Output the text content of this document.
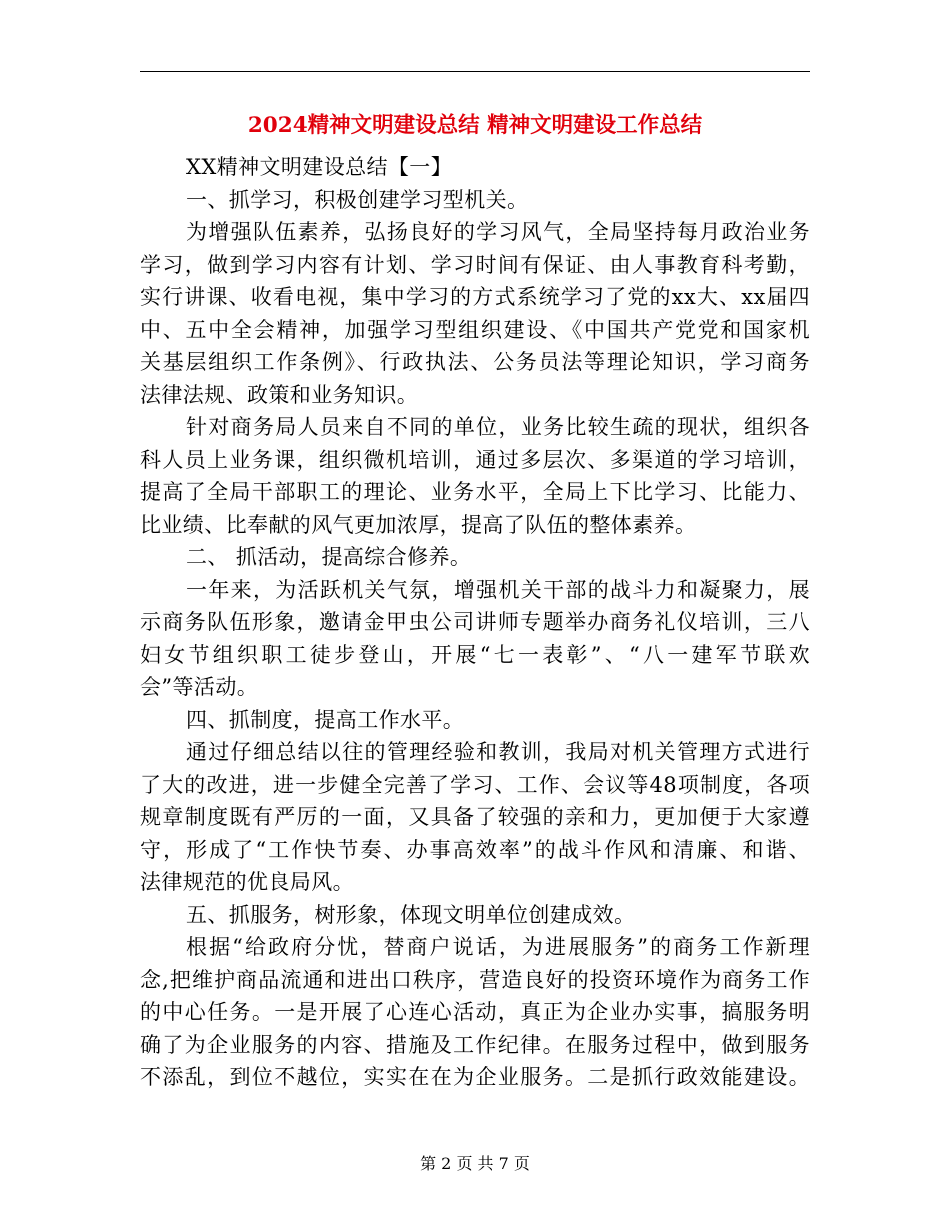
2024精神文明建设总结 精神文明建设工作总结
XX精神文明建设总结【一】
一、抓学习，积极创建学习型机关。
为增强队伍素养，弘扬良好的学习风气，全局坚持每月政治业务
学习，做到学习内容有计划、学习时间有保证、由人事教育科考勤，
实行讲课、收看电视，集中学习的方式系统学习了党的xx大、xx届四
中、五中全会精神，加强学习型组织建设、《中国共产党党和国家机
关基层组织工作条例》、行政执法、公务员法等理论知识，学习商务
法律法规、政策和业务知识。
针对商务局人员来自不同的单位，业务比较生疏的现状，组织各
科人员上业务课，组织微机培训，通过多层次、多渠道的学习培训，
提高了全局干部职工的理论、业务水平，全局上下比学习、比能力、
比业绩、比奉献的风气更加浓厚，提高了队伍的整体素养。
二、 抓活动，提高综合修养。
一年来，为活跃机关气氛，增强机关干部的战斗力和凝聚力，展
示商务队伍形象，邀请金甲虫公司讲师专题举办商务礼仪培训，三八
妇女节组织职工徒步登山，开展“七一表彰”、“八一建军节联欢
会”等活动。
四、抓制度，提高工作水平。
通过仔细总结以往的管理经验和教训，我局对机关管理方式进行
了大的改进，进一步健全完善了学习、工作、会议等48项制度，各项
规章制度既有严厉的一面，又具备了较强的亲和力，更加便于大家遵
守，形成了“工作快节奏、办事高效率”的战斗作风和清廉、和谐、
法律规范的优良局风。
五、抓服务，树形象，体现文明单位创建成效。
根据“给政府分忧，替商户说话，为进展服务”的商务工作新理
念,把维护商品流通和进出口秩序，营造良好的投资环境作为商务工作
的中心任务。一是开展了心连心活动，真正为企业办实事，搞服务明
确了为企业服务的内容、措施及工作纪律。在服务过程中，做到服务
不添乱，到位不越位，实实在在为企业服务。二是抓行政效能建设。
第 2 页 共 7 页
